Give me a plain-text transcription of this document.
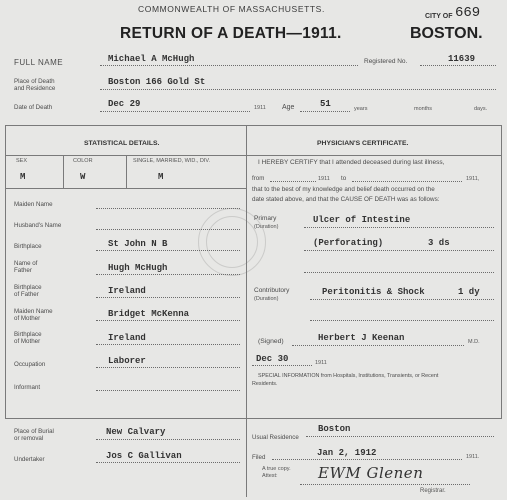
COMMONWEALTH OF MASSACHUSETTS.
RETURN OF A DEATH—1911.
CITY OF 669
BOSTON.
FULL NAME	Michael A McHugh	Registered No.	11639
Place of Death
and Residence
Boston 166 Gold St
Date of Death	Dec 29	1911 Age	51	years	months	days.
STATISTICAL DETAILS.
SEX	COLOR	SINGLE, MARRIED, WID., DIV.
M	W	M
Maiden Name
Husband's Name
Birthplace	St John N B
Name of
Father	Hugh McHugh
Birthplace
of Father	Ireland
Maiden Name
of Mother	Bridget McKenna
Birthplace
of Mother	Ireland
Occupation	Laborer
Informant
PHYSICIAN'S CERTIFICATE.
I HEREBY CERTIFY that I attended deceased during last illness,
from	1911 to	1911,
that to the best of my knowledge and belief death occurred on the
date stated above, and that the CAUSE OF DEATH was as follows:
Primary
(Duration)
Ulcer of Intestine
(Perforating)	3 ds
Contributory
(Duration)
Peritonitis & Shock	1 dy
(Signed)	Herbert J Keenan	M.D.
Dec 30	1911
SPECIAL INFORMATION from Hospitals, Institutions, Transients, or Recent
Residents.
Place of Burial
or removal
New Calvary
Undertaker	Jos C Gallivan
Usual Residence
Boston
Filed	Jan 2, 1912	1911.
A true copy.
Attest:	EWM Glenen
Registrar.
